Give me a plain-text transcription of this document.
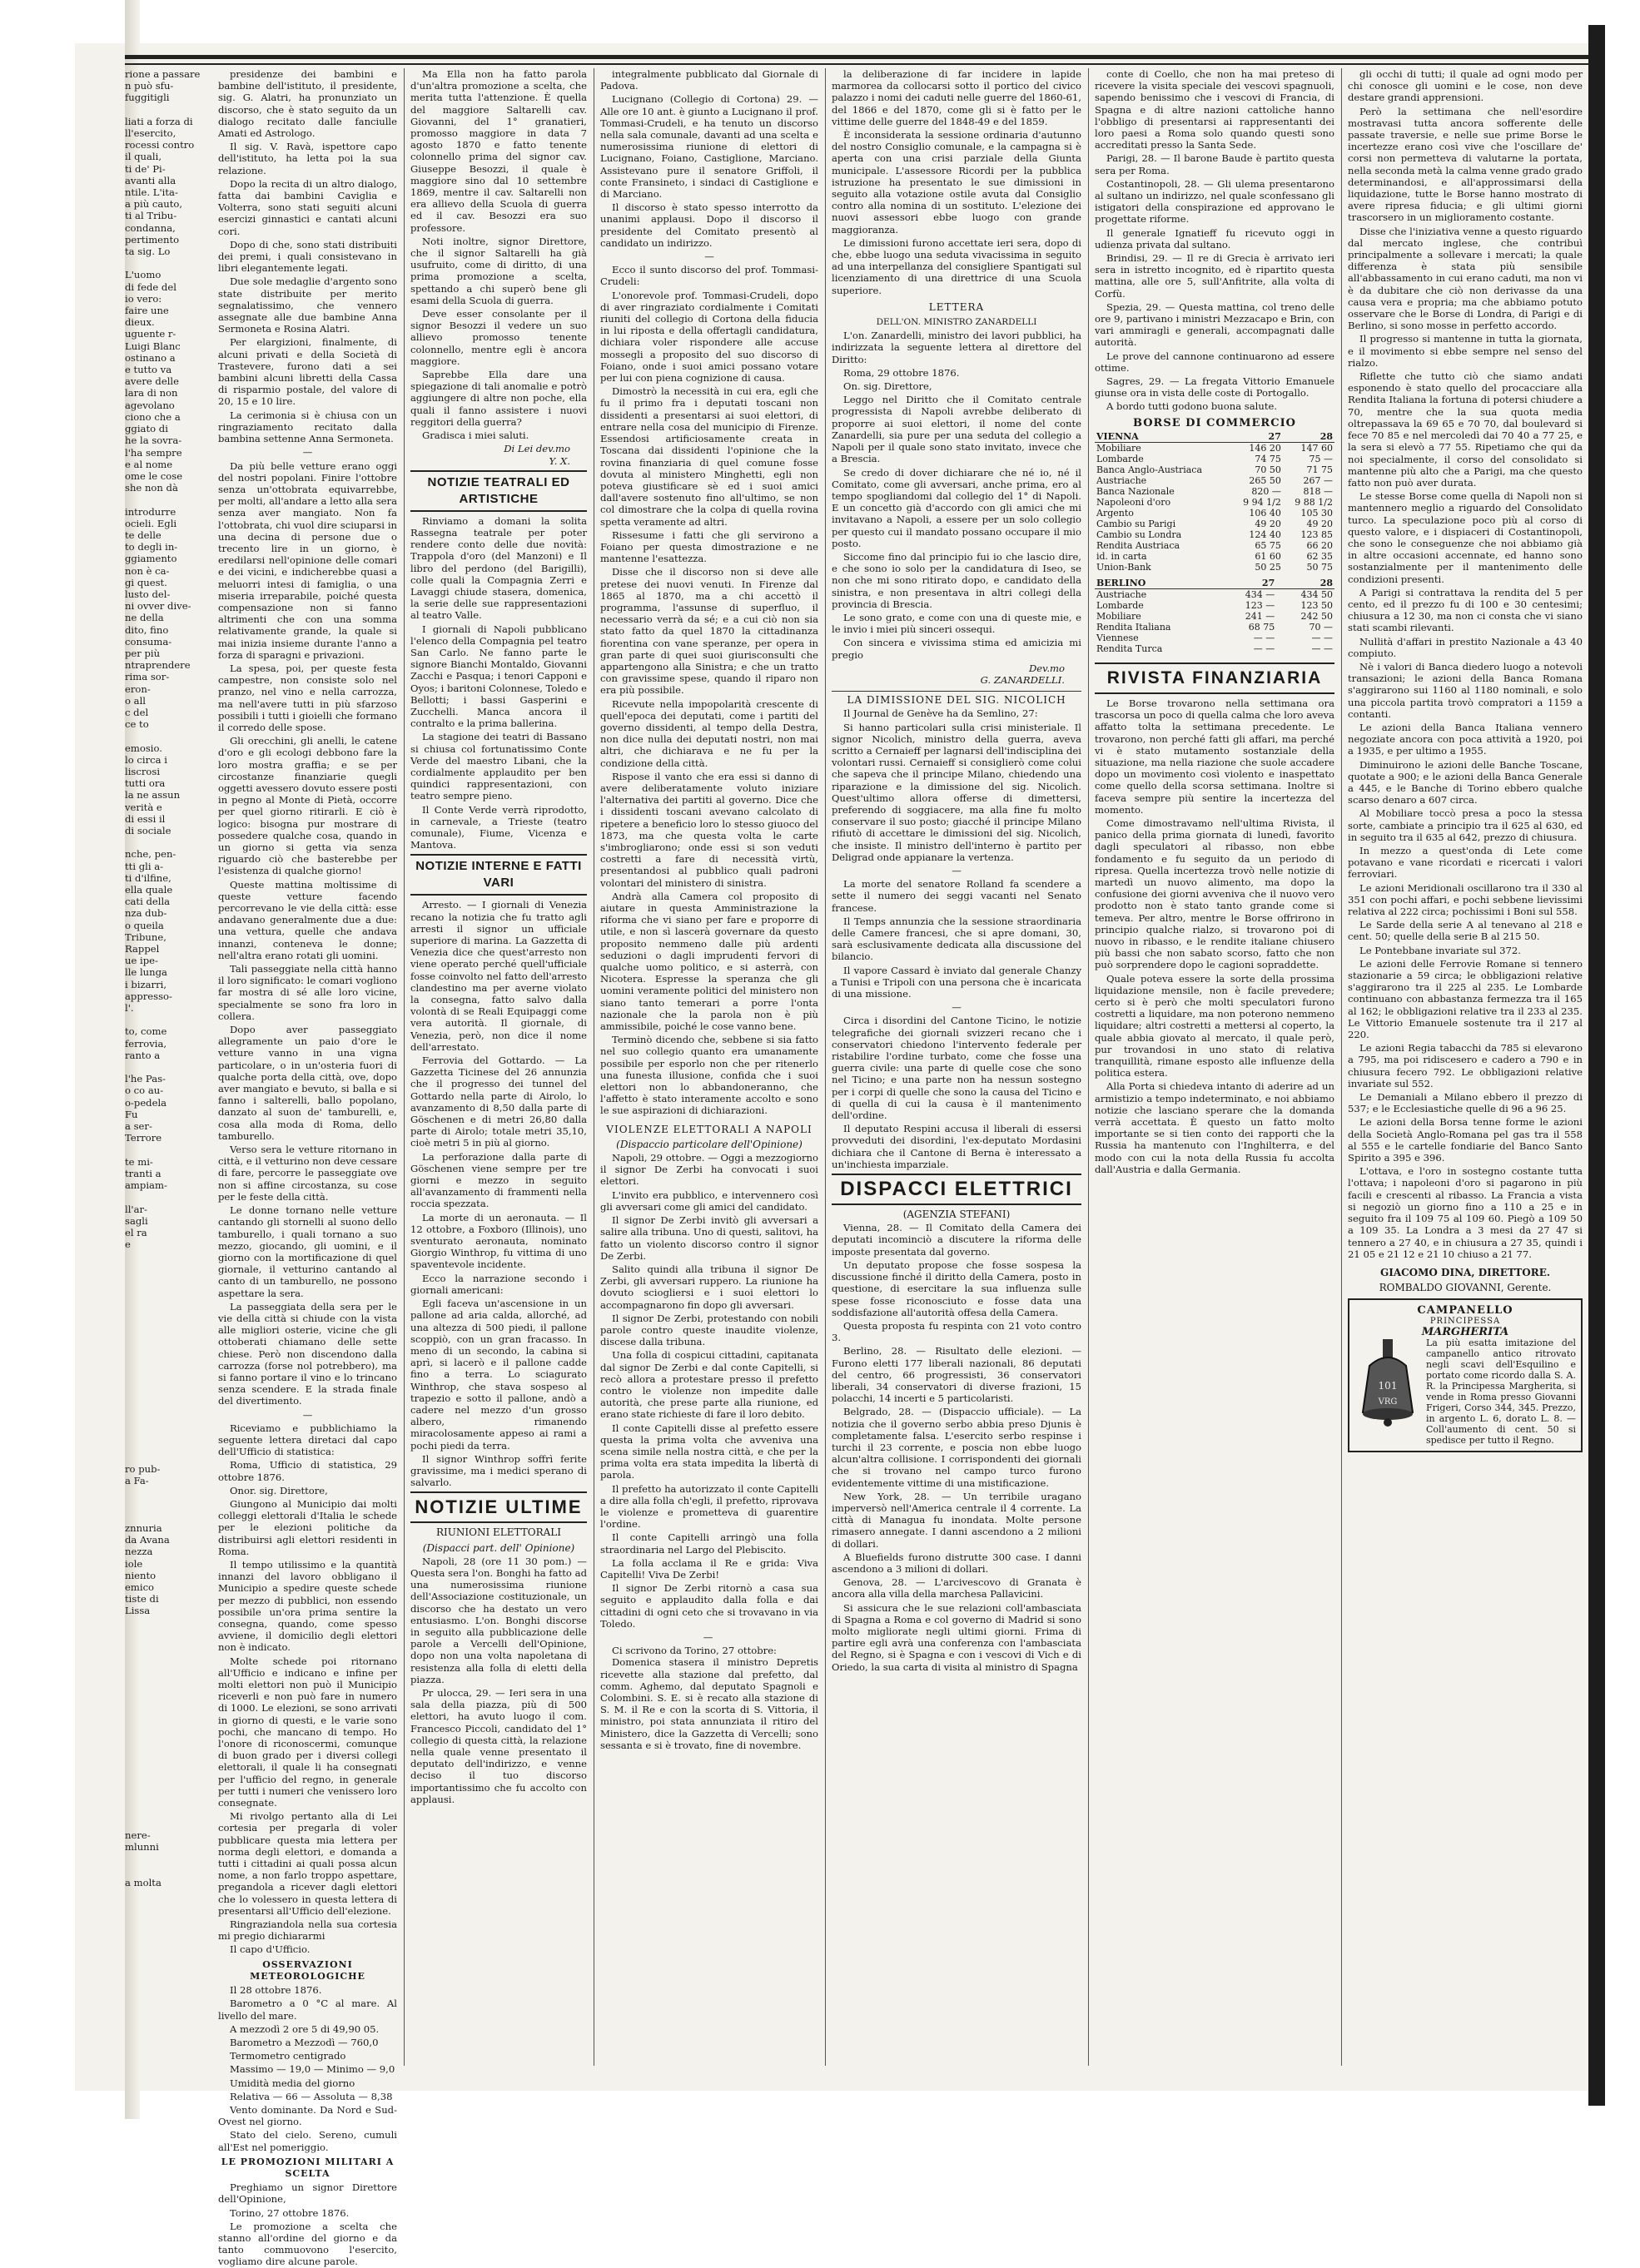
rione a passare
n può sfu-
fuggitigli

liati a forza di
ll'esercito,
rocessi contro
il quali,
ti de' Pi-
avanti alla
ntile. L'ita-
a più cauto,
ti al Tribu-
condanna,
pertimento
ta sig. Lo

L'uomo
di fede del
io vero:
faire une
dieux.
uguente r-
Luigi Blanc
ostinano a
e tutto va
avere delle
lara di non
agevolano
ciono che a
ggiato di
he la sovra-
l'ha sempre
e al nome
ome le cose
she non dà

introdurre
ocieli. Egli
te delle
to degli in-
ggiamento
non è ca-
gi quest.
lusto del-
ni ovver dive-
ne della
dito, fino
consuma-
per più
ntraprendere
rima sor-
eron-
o all
c del
ce to

emosio.
lo circa i
liscrosi
tutti ora
la ne assun
verità e
di essi il
di sociale

nche, pen-
tti gli a-
ti d'ilfine,
ella quale
cati della
nza dub-
o queila
Tribune,
Rappel
ue ipe-
lle lunga
i bizarri,
appresso-
l'.

to, come
ferrovia,
ranto a

l'he Pas-
o co au-
o-pedela
Fu
a ser-
Terrore

te mi-
tranti a
ampiam-

ll'ar-
sagli
el ra
e

ro pub-
a Fa-

znnuria
da Avana
nezza
iole
niento
emico
tiste di
Lissa

nere-
mlunni

a molta

presidenze dei bambini e bambine dell'istituto, il presidente, sig. G. Alatri, ha pronunziato un discorso, che è stato seguito da un dialogo recitato dalle fanciulle Amati ed Astrologo.

Il sig. V. Ravà, ispettore capo dell'istituto, ha letta poi la sua relazione.

Dopo la recita di un altro dialogo, fatta dai bambini Caviglia e Volterra, sono stati seguiti alcuni esercizi ginnastici e cantati alcuni cori.

Dopo di che, sono stati distribuiti dei premi, i quali consistevano in libri elegantemente legati.

Due sole medaglie d'argento sono state distribuite per merito segnalatissimo, che vennero assegnate alle due bambine Anna Sermoneta e Rosina Alatri.

Per elargizioni, finalmente, di alcuni privati e della Società di Trastevere, furono dati a sei bambini alcuni libretti della Cassa di risparmio postale, del valore di 20, 15 e 10 lire.

La cerimonia si è chiusa con un ringraziamento recitato dalla bambina settenne Anna Sermoneta.

—

Da più belle vetture erano oggi del nostri popolani. Finire l'ottobre senza un'ottobrata equivarrebbe, per molti, all'andare a letto alla sera senza aver mangiato. Non fa l'ottobrata, chi vuol dire sciuparsi in una decina di persone due o trecento lire in un giorno, è eredilarsi nell'opinione delle comari e dei vicini, e indicherebbe quasi a meluorri intesi di famiglia, o una miseria irreparabile, poiché questa compensazione non si fanno altrimenti che con una somma relativamente grande, la quale si mai inizia insieme durante l'anno a forza di sparagni e privazioni.

La spesa, poi, per queste festa campestre, non consiste solo nel pranzo, nel vino e nella carrozza, ma nell'avere tutti in più sfarzoso possibili i tutti i gioielli che formano il corredo delle spose.

Gli orecchini, gli anelli, le catene d'oro e gli ecologi debbono fare la loro mostra graffia; e se per circostanze finanziarie quegli oggetti avessero dovuto essere posti in pegno al Monte di Pietà, occorre per quel giorno ritirarli. E ciò è logico: bisogna pur mostrare di possedere qualche cosa, quando in un giorno si getta via senza riguardo ciò che basterebbe per l'esistenza di qualche giorno!

Queste mattina moltissime di queste vetture facendo percorrevano le vie della città: esse andavano generalmente due a due: una vettura, quelle che andava innanzi, conteneva le donne; nell'altra erano rotati gli uomini.

Tali passeggiate nella città hanno il loro significato: le comari vogliono far mostra di sé alle loro vicine, specialmente se sono fra loro in collera.

Dopo aver passeggiato allegramente un paio d'ore le vetture vanno in una vigna particolare, o in un'osteria fuori di qualche porta della città, ove, dopo aver mangiato e bevuto, si balla e si fanno i salterelli, ballo popolano, danzato al suon de' tamburelli, e, cosa alla moda di Roma, dello tamburello.

Verso sera le vetture ritornano in città, e il vetturino non deve cessare di fare, percorre le passeggiate ove non si affine circostanza, su cose per le feste della città.

Le donne tornano nelle vetture cantando gli stornelli al suono dello tamburello, i quali tornano a suo mezzo, giocando, gli uomini, e il giorno con la mortificazione di quel giornale, il vetturino cantando al canto di un tamburello, ne possono aspettare la sera.

La passeggiata della sera per le vie della città si chiude con la vista alle migliori osterie, vicine che gli ottoberati chiamano delle sette chiese. Però non discendono dalla carrozza (forse nol potrebbero), ma si fanno portare il vino e lo trincano senza scendere. E la strada finale del divertimento.

—

Riceviamo e pubblichiamo la seguente lettera diretaci dal capo dell'Ufficio di statistica:

Roma, Ufficio di statistica, 29 ottobre 1876.

Onor. sig. Direttore,

Giungono al Municipio dai molti colleggi elettorali d'Italia le schede per le elezioni politiche da distribuirsi agli elettori residenti in Roma.

Il tempo utilissimo e la quantità innanzi del lavoro obbligano il Municipio a spedire queste schede per mezzo di pubblici, non essendo possibile un'ora prima sentire la consegna, quando, come spesso avviene, il domicilio degli elettori non è indicato.

Molte schede poi ritornano all'Ufficio e indicano e infine per molti elettori non può il Municipio riceverli e non può fare in numero di 1000. Le elezioni, se sono arrivati in giorno di questi, e le varie sono pochi, che mancano di tempo. Ho l'onore di riconoscermi, comunque di buon grado per i diversi collegi elettorali, il quale li ha consegnati per l'ufficio del regno, in generale per tutti i numeri che venissero loro consegnate.

Mi rivolgo pertanto alla di Lei cortesia per pregarla di voler pubblicare questa mia lettera per norma degli elettori, e domanda a tutti i cittadini ai quali possa alcun nome, a non farlo troppo aspettare, pregandola a ricever dagli elettori che lo volessero in questa lettera di presentarsi all'Ufficio dell'elezione.

Ringraziandola nella sua cortesia mi pregio dichiararmi

Il capo d'Ufficio.

OSSERVAZIONI METEOROLOGICHE

Il 28 ottobre 1876.

Barometro a 0 °C al mare. Al livello del mare.

A mezzodì 2 ore 5 di 49,90 05.

Barometro a Mezzodì — 760,0

Termometro centigrado

Massimo — 19,0 — Minimo — 9,0

Umidità media del giorno

Relativa — 66 — Assoluta — 8,38

Vento dominante. Da Nord e Sud-Ovest nel giorno.

Stato del cielo. Sereno, cumuli all'Est nel pomeriggio.

LE PROMOZIONI MILITARI A SCELTA

Preghiamo un signor Direttore dell'Opinione,

Torino, 27 ottobre 1876.

Le promozione a scelta che stanno all'ordine del giorno e da tanto commuovono l'esercito, vogliamo dire alcune parole.

Ma Ella non ha fatto parola d'un'altra promozione a scelta, che merita tutta l'attenzione. È quella del maggiore Saltarelli cav. Giovanni, del 1° granatieri, promosso maggiore in data 7 agosto 1870 e fatto tenente colonnello prima del signor cav. Giuseppe Besozzi, il quale è maggiore sino dal 10 settembre 1869, mentre il cav. Saltarelli non era allievo della Scuola di guerra ed il cav. Besozzi era suo professore.

Noti inoltre, signor Direttore, che il signor Saltarelli ha già usufruito, come di diritto, di una prima promozione a scelta, spettando a chi superò bene gli esami della Scuola di guerra.

Deve esser consolante per il signor Besozzi il vedere un suo allievo promosso tenente colonnello, mentre egli è ancora maggiore.

Saprebbe Ella dare una spiegazione di tali anomalie e potrò aggiungere di altre non poche, ella quali il fanno assistere i nuovi reggitori della guerra?

Gradisca i miei saluti.

Di Lei dev.mo
Y. X.
NOTIZIE TEATRALI ED ARTISTICHE

Rinviamo a domani la solita Rassegna teatrale per poter rendere conto delle due novità: Trappola d'oro (del Manzoni) e Il libro del perdono (del Barigilli), colle quali la Compagnia Zerri e Lavaggi chiude stasera, domenica, la serie delle sue rappresentazioni al teatro Valle.

I giornali di Napoli pubblicano l'elenco della Compagnia pel teatro San Carlo. Ne fanno parte le signore Bianchi Montaldo, Giovanni Zacchi e Pasqua; i tenori Capponi e Oyos; i baritoni Colonnese, Toledo e Bellotti; i bassi Gasperini e Zucchelli. Manca ancora il contralto e la prima ballerina.

La stagione dei teatri di Bassano si chiusa col fortunatissimo Conte Verde del maestro Libani, che la cordialmente applaudito per ben quindici rappresentazioni, con teatro sempre pieno.

Il Conte Verde verrà riprodotto, in carnevale, a Trieste (teatro comunale), Fiume, Vicenza e Mantova.

NOTIZIE INTERNE E FATTI VARI

Arresto. — I giornali di Venezia recano la notizia che fu tratto agli arresti il signor un ufficiale superiore di marina. La Gazzetta di Venezia dice che quest'arresto non viene operato perché quell'ufficiale fosse coinvolto nel fatto dell'arresto clandestino ma per averne violato la consegna, fatto salvo dalla volontà di se Reali Equipaggi come vera autorità. Il giornale, di Venezia, però, non dice il nome dell'arrestato.

Ferrovia del Gottardo. — La Gazzetta Ticinese del 26 annunzia che il progresso dei tunnel del Gottardo nella parte di Airolo, lo avanzamento di 8,50 dalla parte di Göschenen e di metri 26,80 dalla parte di Airolo; totale metri 35,10, cioè metri 5 in più al giorno.

La perforazione dalla parte di Göschenen viene sempre per tre giorni e mezzo in seguito all'avanzamento di frammenti nella roccia spezzata.

La morte di un aeronauta. — Il 12 ottobre, a Foxboro (Illinois), uno sventurato aeronauta, nominato Giorgio Winthrop, fu vittima di uno spaventevole incidente.

Ecco la narrazione secondo i giornali americani:

Egli faceva un'ascensione in un pallone ad aria calda, allorché, ad una altezza di 500 piedi, il pallone scoppiò, con un gran fracasso. In meno di un secondo, la cabina si aprì, si lacerò e il pallone cadde fino a terra. Lo sciagurato Winthrop, che stava sospeso al trapezio e sotto il pallone, andò a cadere nel mezzo d'un grosso albero, rimanendo miracolosamente appeso ai rami a pochi piedi da terra.

Il signor Winthrop soffrì ferite gravissime, ma i medici sperano di salvarlo.

NOTIZIE ULTIME
RIUNIONI ELETTORALI
(Dispacci part. dell' Opinione)

Napoli, 28 (ore 11 30 pom.) — Questa sera l'on. Bonghi ha fatto ad una numerosissima riunione dell'Associazione costituzionale, un discorso che ha destato un vero entusiasmo. L'on. Bonghi discorse in seguito alla pubblicazione delle parole a Vercelli dell'Opinione, dopo non una volta napoletana di resistenza alla folla di eletti della piazza.

Pr ulocca, 29. — Ieri sera in una sala della piazza, più di 500 elettori, ha avuto luogo il com. Francesco Piccoli, candidato del 1° collegio di questa città, la relazione nella quale venne presentato il deputato dell'indirizzo, e venne deciso il tuo discorso importantissimo che fu accolto con applausi.

integralmente pubblicato dal Giornale di Padova.

Lucignano (Collegio di Cortona) 29. — Alle ore 10 ant. è giunto a Lucignano il prof. Tommasi-Crudeli, e ha tenuto un discorso nella sala comunale, davanti ad una scelta e numerosissima riunione di elettori di Lucignano, Foiano, Castiglione, Marciano. Assistevano pure il senatore Griffoli, il conte Fransineto, i sindaci di Castiglione e di Marciano.

Il discorso è stato spesso interrotto da unanimi applausi. Dopo il discorso il presidente del Comitato presentò al candidato un indirizzo.

—

Ecco il sunto discorso del prof. Tommasi-Crudeli:

L'onorevole prof. Tommasi-Crudeli, dopo di aver ringraziato cordialmente i Comitati riuniti del collegio di Cortona della fiducia in lui riposta e della offertagli candidatura, dichiara voler rispondere alle accuse mossegli a proposito del suo discorso di Foiano, onde i suoi amici possano votare per lui con piena cognizione di causa.

Dimostrò la necessità in cui era, egli che fu il primo fra i deputati toscani non dissidenti a presentarsi ai suoi elettori, di entrare nella cosa del municipio di Firenze. Essendosi artificiosamente creata in Toscana dai dissidenti l'opinione che la rovina finanziaria di quel comune fosse dovuta al ministero Minghetti, egli non poteva giustificare sè ed i suoi amici dall'avere sostenuto fino all'ultimo, se non col dimostrare che la colpa di quella rovina spetta veramente ad altri.

Rissesume i fatti che gli servirono a Foiano per questa dimostrazione e ne mantenne l'esattezza.

Disse che il discorso non si deve alle pretese dei nuovi venuti. In Firenze dal 1865 al 1870, ma a chi accettò il programma, l'assunse di superfluo, il necessario verrà da sé; e a cui ciò non sia stato fatto da quel 1870 la cittadinanza fiorentina con vane speranze, per opera in gran parte di quei suoi giurisconsulti che appartengono alla Sinistra; e che un tratto con gravissime spese, quando il riparo non era più possibile.

Ricevute nella impopolarità crescente di quell'epoca dei deputati, come i partiti del governo dissidenti, al tempo della Destra, non dice nulla dei deputati nostri, non mai altri, che dichiarava e ne fu per la condizione della città.

Rispose il vanto che era essi si danno di avere deliberatamente voluto iniziare l'alternativa dei partiti al governo. Dice che i dissidenti toscani avevano calcolato di ripetere a beneficio loro lo stesso giuoco del 1873, ma che questa volta le carte s'imbrogliarono; onde essi si son veduti costretti a fare di necessità virtù, presentandosi al pubblico quali padroni volontari del ministero di sinistra.

Andrà alla Camera col proposito di aiutare in questa Amministrazione la riforma che vi siano per fare e proporre di utile, e non sì lascerà governare da questo proposito nemmeno dalle più ardenti seduzioni o dagli imprudenti fervori di qualche uomo politico, e si asterrà, con Nicotera. Espresse la speranza che gli uomini veramente politici del ministero non siano tanto temerari a porre l'onta nazionale che la parola non è più ammissibile, poiché le cose vanno bene.

Terminò dicendo che, sebbene si sia fatto nel suo collegio quanto era umanamente possibile per esporlo non che per ritenerlo una funesta illusione, confida che i suoi elettori non lo abbandoneranno, che l'affetto è stato interamente accolto e sono le sue aspirazioni di dichiarazioni.

VIOLENZE ELETTORALI A NAPOLI
(Dispaccio particolare dell'Opinione)

Napoli, 29 ottobre. — Oggi a mezzogiorno il signor De Zerbi ha convocati i suoi elettori.

L'invito era pubblico, e intervennero così gli avversari come gli amici del candidato.

Il signor De Zerbi invitò gli avversari a salire alla tribuna. Uno di questi, salitovi, ha fatto un violento discorso contro il signor De Zerbi.

Salito quindi alla tribuna il signor De Zerbi, gli avversari ruppero. La riunione ha dovuto sciogliersi e i suoi elettori lo accompagnarono fin dopo gli avversari.

Il signor De Zerbi, protestando con nobili parole contro queste inaudite violenze, discese dalla tribuna.

Una folla di cospicui cittadini, capitanata dal signor De Zerbi e dal conte Capitelli, si recò allora a protestare presso il prefetto contro le violenze non impedite dalle autorità, che prese parte alla riunione, ed erano state richieste di fare il loro debito.

Il conte Capitelli disse al prefetto essere questa la prima volta che avveniva una scena simile nella nostra città, e che per la prima volta era stata impedita la libertà di parola.

Il prefetto ha autorizzato il conte Capitelli a dire alla folla ch'egli, il prefetto, riprovava le violenze e prometteva di guarentire l'ordine.

Il conte Capitelli arringò una folla straordinaria nel Largo del Plebiscito.

La folla acclama il Re e grida: Viva Capitelli! Viva De Zerbi!

Il signor De Zerbi ritornò a casa sua seguito e applaudito dalla folla e dai cittadini di ogni ceto che si trovavano in via Toledo.

—

Ci scrivono da Torino, 27 ottobre:

Domenica stasera il ministro Depretis ricevette alla stazione dal prefetto, dal comm. Aghemo, dal deputato Spagnoli e Colombini. S. E. si è recato alla stazione di S. M. il Re e con la scorta di S. Vittoria, il ministro, poi stata annunziata il ritiro del Ministero, dice la Gazzetta di Vercelli; sono sessanta e si è trovato, fine di novembre.

la deliberazione di far incidere in lapide marmorea da collocarsi sotto il portico del civico palazzo i nomi dei caduti nelle guerre del 1860-61, del 1866 e del 1870, come gli si è fatto per le vittime delle guerre del 1848-49 e del 1859.

È inconsiderata la sessione ordinaria d'autunno del nostro Consiglio comunale, e la campagna si è aperta con una crisi parziale della Giunta municipale. L'assessore Ricordi per la pubblica istruzione ha presentato le sue dimissioni in seguito alla votazione ostile avuta dal Consiglio contro alla nomina di un sostituto. L'elezione dei nuovi assessori ebbe luogo con grande maggioranza.

Le dimissioni furono accettate ieri sera, dopo di che, ebbe luogo una seduta vivacissima in seguito ad una interpellanza del consigliere Spantigati sul licenziamento di una direttrice di una Scuola superiore.

LETTERA
DELL'ON. MINISTRO ZANARDELLI

L'on. Zanardelli, ministro dei lavori pubblici, ha indirizzata la seguente lettera al direttore del Diritto:

Roma, 29 ottobre 1876.

On. sig. Direttore,

Leggo nel Diritto che il Comitato centrale progressista di Napoli avrebbe deliberato di proporre ai suoi elettori, il nome del conte Zanardelli, sia pure per una seduta del collegio a Napoli per il quale sono stato invitato, invece che a Brescia.

Se credo di dover dichiarare che né io, né il Comitato, come gli avversari, anche prima, ero al tempo spogliandomi dal collegio del 1° di Napoli. E un concetto già d'accordo con gli amici che mi invitavano a Napoli, a essere per un solo collegio per questo cui il mandato possano occupare il mio posto.

Siccome fino dal principio fui io che lascio dire, e che sono io solo per la candidatura di Iseo, se non che mi sono ritirato dopo, e candidato della sinistra, e non presentava in altri collegi della provincia di Brescia.

Le sono grato, e come con una di queste mie, e le invio i miei più sinceri ossequi.

Con sincera e vivissima stima ed amicizia mi pregio

Dev.mo
G. ZANARDELLI.
LA DIMISSIONE DEL SIG. NICOLICH

Il Journal de Genève ha da Semlino, 27:

Si hanno particolari sulla crisi ministeriale. Il signor Nicolich, ministro della guerra, aveva scritto a Cernaieff per lagnarsi dell'indisciplina dei volontari russi. Cernaieff si consiglierò come colui che sapeva che il principe Milano, chiedendo una riparazione e la dimissione del sig. Nicolich. Quest'ultimo allora offerse di dimettersi, preferendo di soggiacere, ma alla fine fu molto conservare il suo posto; giacché il principe Milano rifiutò di accettare le dimissioni del sig. Nicolich, che insiste. Il ministro dell'interno è partito per Deligrad onde appianare la vertenza.

—

La morte del senatore Rolland fa scendere a sette il numero dei seggi vacanti nel Senato francese.

Il Temps annunzia che la sessione straordinaria delle Camere francesi, che si apre domani, 30, sarà esclusivamente dedicata alla discussione del bilancio.

Il vapore Cassard è inviato dal generale Chanzy a Tunisi e Tripoli con una persona che è incaricata di una missione.

—

Circa i disordini del Cantone Ticino, le notizie telegrafiche dei giornali svizzeri recano che i conservatori chiedono l'intervento federale per ristabilire l'ordine turbato, come che fosse una guerra civile: una parte di quelle cose che sono nel Ticino; e una parte non ha nessun sostegno per i corpi di quelle che sono la causa del Ticino e di quella di cui la causa è il mantenimento dell'ordine.

Il deputato Respini accusa il liberali di essersi provveduti dei disordini, l'ex-deputato Mordasini dichiara che il Cantone di Berna è interessato a un'inchiesta imparziale.

DISPACCI ELETTRICI
(AGENZIA STEFANI)

Vienna, 28. — Il Comitato della Camera dei deputati incominciò a discutere la riforma delle imposte presentata dal governo.

Un deputato propose che fosse sospesa la discussione finché il diritto della Camera, posto in questione, di esercitare la sua influenza sulle spese fosse riconosciuto e fosse data una soddisfazione all'autorità offesa della Camera.

Questa proposta fu respinta con 21 voto contro 3.

Berlino, 28. — Risultato delle elezioni. — Furono eletti 177 liberali nazionali, 86 deputati del centro, 66 progressisti, 36 conservatori liberali, 34 conservatori di diverse frazioni, 15 polacchi, 14 incerti e 5 particolaristi.

Belgrado, 28. — (Dispaccio ufficiale). — La notizia che il governo serbo abbia preso Djunis è completamente falsa. L'esercito serbo respinse i turchi il 23 corrente, e poscia non ebbe luogo alcun'altra collisione. I corrispondenti dei giornali che si trovano nel campo turco furono evidentemente vittime di una mistificazione.

New York, 28. — Un terribile uragano imperversò nell'America centrale il 4 corrente. La città di Managua fu inondata. Molte persone rimasero annegate. I danni ascendono a 2 milioni di dollari.

A Bluefields furono distrutte 300 case. I danni ascendono a 3 milioni di dollari.

Genova, 28. — L'arcivescovo di Granata è ancora alla villa della marchesa Pallavicini.

Si assicura che le sue relazioni coll'ambasciata di Spagna a Roma e col governo di Madrid si sono molto migliorate negli ultimi giorni. Frima di partire egli avrà una conferenza con l'ambasciata del Regno, si è Spagna e con i vescovi di Vich e di Oriedo, la sua carta di visita al ministro di Spagna

conte di Coello, che non ha mai preteso di ricevere la visita speciale dei vescovi spagnuoli, sapendo benissimo che i vescovi di Francia, di Spagna e di altre nazioni cattoliche hanno l'obbligo di presentarsi ai rappresentanti dei loro paesi a Roma solo quando questi sono accreditati presso la Santa Sede.

Parigi, 28. — Il barone Baude è partito questa sera per Roma.

Costantinopoli, 28. — Gli ulema presentarono al sultano un indirizzo, nel quale sconfessano gli istigatori della conspirazione ed approvano le progettate riforme.

Il generale Ignatieff fu ricevuto oggi in udienza privata dal sultano.

Brindisi, 29. — Il re di Grecia è arrivato ieri sera in istretto incognito, ed è ripartito questa mattina, alle ore 5, sull'Anfitrite, alla volta di Corfù.

Spezia, 29. — Questa mattina, col treno delle ore 9, partivano i ministri Mezzacapo e Brin, con vari ammiragli e generali, accompagnati dalle autorità.

Le prove del cannone continuarono ad essere ottime.

Sagres, 29. — La fregata Vittorio Emanuele giunse ora in vista delle coste di Portogallo.

A bordo tutti godono buona salute.

BORSE DI COMMERCIO
VIENNA	27	28
Mobiliare	146 20	147 60
Lombarde	74 75	75 —
Banca Anglo-Austriaca	70 50	71 75
Austriache	265 50	267 —
Banca Nazionale	820 —	818 —
Napoleoni d'oro	9 94 1/2	9 88 1/2
Argento	106 40	105 30
Cambio su Parigi	49 20	49 20
Cambio su Londra	124 40	123 85
Rendita Austriaca	65 75	66 20
id. in carta	61 60	62 35
Union-Bank	50 25	50 75
BERLINO	27	28
Austriache	434 —	434 50
Lombarde	123 —	123 50
Mobiliare	241 —	242 50
Rendita Italiana	68 75	70 —
Viennese	— —	— —
Rendita Turca	— —	— —
RIVISTA FINANZIARIA

Le Borse trovarono nella settimana ora trascorsa un poco di quella calma che loro aveva affatto tolta la settimana precedente. Le trovarono, non perché fatti gli affari, ma perché vi è stato mutamento sostanziale della situazione, ma nella riazione che suole accadere dopo un movimento così violento e inaspettato come quello della scorsa settimana. Inoltre si faceva sempre più sentire la incertezza del momento.

Come dimostravamo nell'ultima Rivista, il panico della prima giornata di lunedì, favorito dagli speculatori al ribasso, non ebbe fondamento e fu seguito da un periodo di ripresa. Quella incertezza trovò nelle notizie di martedì un nuovo alimento, ma dopo la confusione dei giorni avveniva che il nuovo vero prodotto non è stato tanto grande come si temeva. Per altro, mentre le Borse offrirono in principio qualche rialzo, si trovarono poi di nuovo in ribasso, e le rendite italiane chiusero più bassi che non sabato scorso, fatto che non può sorprendere dopo le cagioni sopraddette.

Quale poteva essere la sorte della prossima liquidazione mensile, non è facile prevedere; certo si è però che molti speculatori furono costretti a liquidare, ma non poterono nemmeno liquidare; altri costretti a mettersi al coperto, la quale abbia giovato al mercato, il quale però, pur trovandosi in uno stato di relativa tranquillità, rimane esposto alle influenze della politica estera.

Alla Porta si chiedeva intanto di aderire ad un armistizio a tempo indeterminato, e noi abbiamo notizie che lasciano sperare che la domanda verrà accettata. È questo un fatto molto importante se si tien conto dei rapporti che la Russia ha mantenuto con l'Inghilterra, e del modo con cui la nota della Russia fu accolta dall'Austria e dalla Germania.

gli occhi di tutti; il quale ad ogni modo per chi conosce gli uomini e le cose, non deve destare grandi apprensioni.

Però la settimana che nell'esordire mostravasi tutta ancora sofferente delle passate traversie, e nelle sue prime Borse le incertezze erano così vive che l'oscillare de' corsi non permetteva di valutarne la portata, nella seconda metà la calma venne grado grado determinandosi, e all'approssimarsi della liquidazione, tutte le Borse hanno mostrato di avere ripresa fiducia; e gli ultimi giorni trascorsero in un miglioramento costante.

Disse che l'iniziativa venne a questo riguardo dal mercato inglese, che contribuì principalmente a sollevare i mercati; la quale differenza è stata più sensibile all'abbassamento in cui erano caduti, ma non vi è da dubitare che ciò non derivasse da una causa vera e propria; ma che abbiamo potuto osservare che le Borse di Londra, di Parigi e di Berlino, si sono mosse in perfetto accordo.

Il progresso si mantenne in tutta la giornata, e il movimento si ebbe sempre nel senso del rialzo.

Riflette che tutto ciò che siamo andati esponendo è stato quello del procacciare alla Rendita Italiana la fortuna di potersi chiudere a 70, mentre che la sua quota media oltrepassava la 69 65 e 70 70, dal boulevard si fece 70 85 e nel mercoledì dai 70 40 a 77 25, e la sera si elevò a 77 55. Ripetiamo che qui da noi specialmente, il corso del consolidato si mantenne più alto che a Parigi, ma che questo fatto non può aver durata.

Le stesse Borse come quella di Napoli non si mantennero meglio a riguardo del Consolidato turco. La speculazione poco più al corso di questo valore, e i dispiaceri di Costantinopoli, che sono le conseguenze che noi abbiamo già in altre occasioni accennate, ed hanno sono sostanzialmente per il mantenimento delle condizioni presenti.

A Parigi si contrattava la rendita del 5 per cento, ed il prezzo fu di 100 e 30 centesimi; chiusura a 12 30, ma non ci consta che vi siano stati scambi rilevanti.

Nullità d'affari in prestito Nazionale a 43 40 compiuto.

Nè i valori di Banca diedero luogo a notevoli transazioni; le azioni della Banca Romana s'aggirarono sui 1160 al 1180 nominali, e solo una piccola partita trovò compratori a 1159 a contanti.

Le azioni della Banca Italiana vennero negoziate ancora con poca attività a 1920, poi a 1935, e per ultimo a 1955.

Diminuirono le azioni delle Banche Toscane, quotate a 900; e le azioni della Banca Generale a 445, e le Banche di Torino ebbero qualche scarso denaro a 607 circa.

Al Mobiliare toccò presa a poco la stessa sorte, cambiate a principio tra il 625 al 630, ed in seguito tra il 635 al 642, prezzo di chiusura.

In mezzo a quest'onda di Lete come potavano e vane ricordati e ricercati i valori ferroviari.

Le azioni Meridionali oscillarono tra il 330 al 351 con pochi affari, e pochi sebbene lievissimi relativa al 222 circa; pochissimi i Boni sul 558.

Le Sarde della serie A al tenevano al 218 e cent. 50; quelle della serie B al 215 50.

Le Pontebbane invariate sul 372.

Le azioni delle Ferrovie Romane si tennero stazionarie a 59 circa; le obbligazioni relative s'aggirarono tra il 225 al 235. Le Lombarde continuano con abbastanza fermezza tra il 165 al 162; le obbligazioni relative tra il 233 al 235. Le Vittorio Emanuele sostenute tra il 217 al 220.

Le azioni Regia tabacchi da 785 si elevarono a 795, ma poi ridiscesero e cadero a 790 e in chiusura fecero 792. Le obbligazioni relative invariate sul 552.

Le Demaniali a Milano ebbero il prezzo di 537; e le Ecclesiastiche quelle di 96 a 96 25.

Le azioni della Borsa tenne forme le azioni della Società Anglo-Romana pel gas tra il 558 al 555 e le cartelle fondiarie del Banco Santo Spirito a 395 e 396.

L'ottava, e l'oro in sostegno costante tutta l'ottava; i napoleoni d'oro si pagarono in più facili e crescenti al ribasso. La Francia a vista si negoziò un giorno fino a 110 a 25 e in seguito fra il 109 75 al 109 60. Piegò a 109 50 a 109 35. La Londra a 3 mesi da 27 47 si tennero a 27 40, e in chiusura a 27 35, quindi i 21 05 e 21 12 e 21 10 chiuso a 21 77.

GIACOMO DINA, DIRETTORE.
ROMBALDO GIOVANNI, Gerente.
CAMPANELLO
PRINCIPESSA
MARGHERITA
101
VRG
La più esatta imitazione del campanello antico ritrovato negli scavi dell'Esquilino e portato come ricordo dalla S. A. R. la Principessa Margherita, si vende in Roma presso Giovanni Frigeri, Corso 344, 345. Prezzo, in argento L. 6, dorato L. 8. — Coll'aumento di cent. 50 si spedisce per tutto il Regno.
